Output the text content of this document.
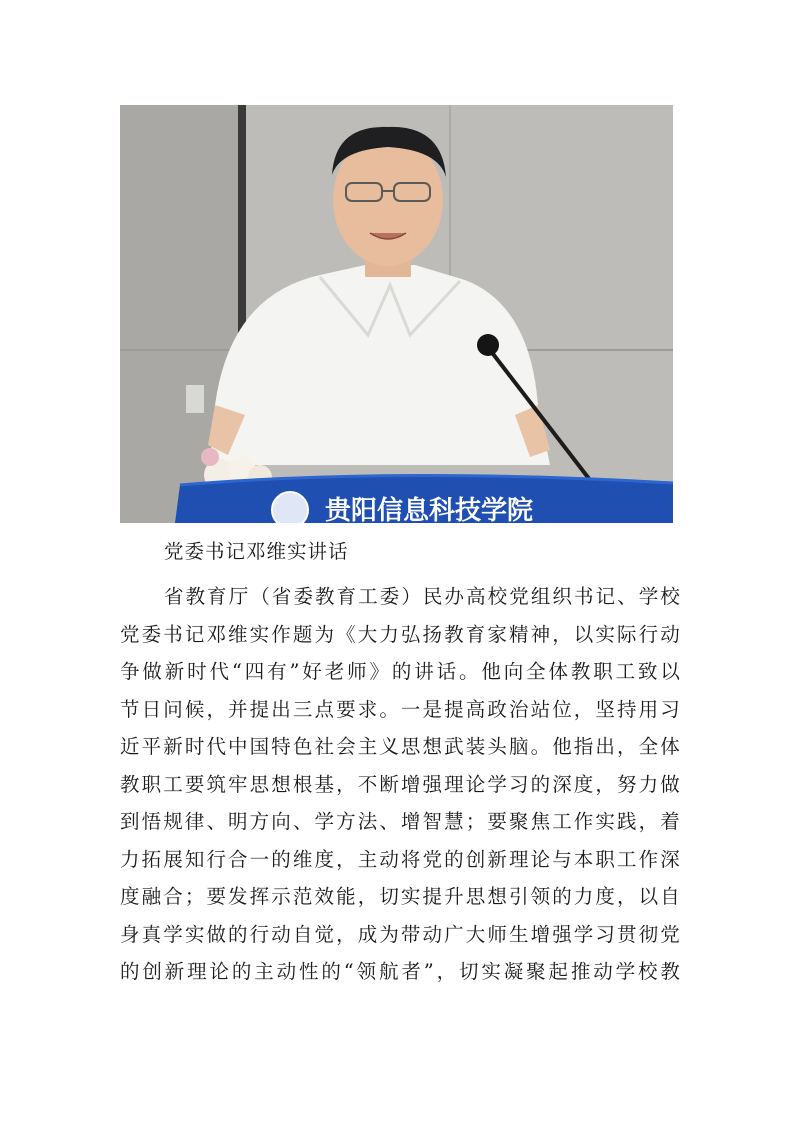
贵阳信息科技学院
党委书记邓维实讲话
省 教 育 厅 （ 省 委 教 育 工 委 ） 民 办 高 校 党 组 织 书 记 、 学 校
党 委 书 记 邓 维 实 作 题 为 《 大 力 弘 扬 教 育 家 精 神 ， 以 实 际 行 动
争 做 新 时 代 “ 四 有 ” 好 老 师 》 的 讲 话 。 他 向 全 体 教 职 工 致 以
节 日 问 候 ， 并 提 出 三 点 要 求 。 一 是 提 高 政 治 站 位 ， 坚 持 用 习
近 平 新 时 代 中 国 特 色 社 会 主 义 思 想 武 装 头 脑 。 他 指 出 ， 全 体
教 职 工 要 筑 牢 思 想 根 基 ， 不 断 增 强 理 论 学 习 的 深 度 ， 努 力 做
到 悟 规 律 、 明 方 向 、 学 方 法 、 增 智 慧 ； 要 聚 焦 工 作 实 践 ， 着
力 拓 展 知 行 合 一 的 维 度 ， 主 动 将 党 的 创 新 理 论 与 本 职 工 作 深
度 融 合 ； 要 发 挥 示 范 效 能 ， 切 实 提 升 思 想 引 领 的 力 度 ， 以 自
身 真 学 实 做 的 行 动 自 觉 ， 成 为 带 动 广 大 师 生 增 强 学 习 贯 彻 党
的 创 新 理 论 的 主 动 性 的 “ 领 航 者 ” ， 切 实 凝 聚 起 推 动 学 校 教
